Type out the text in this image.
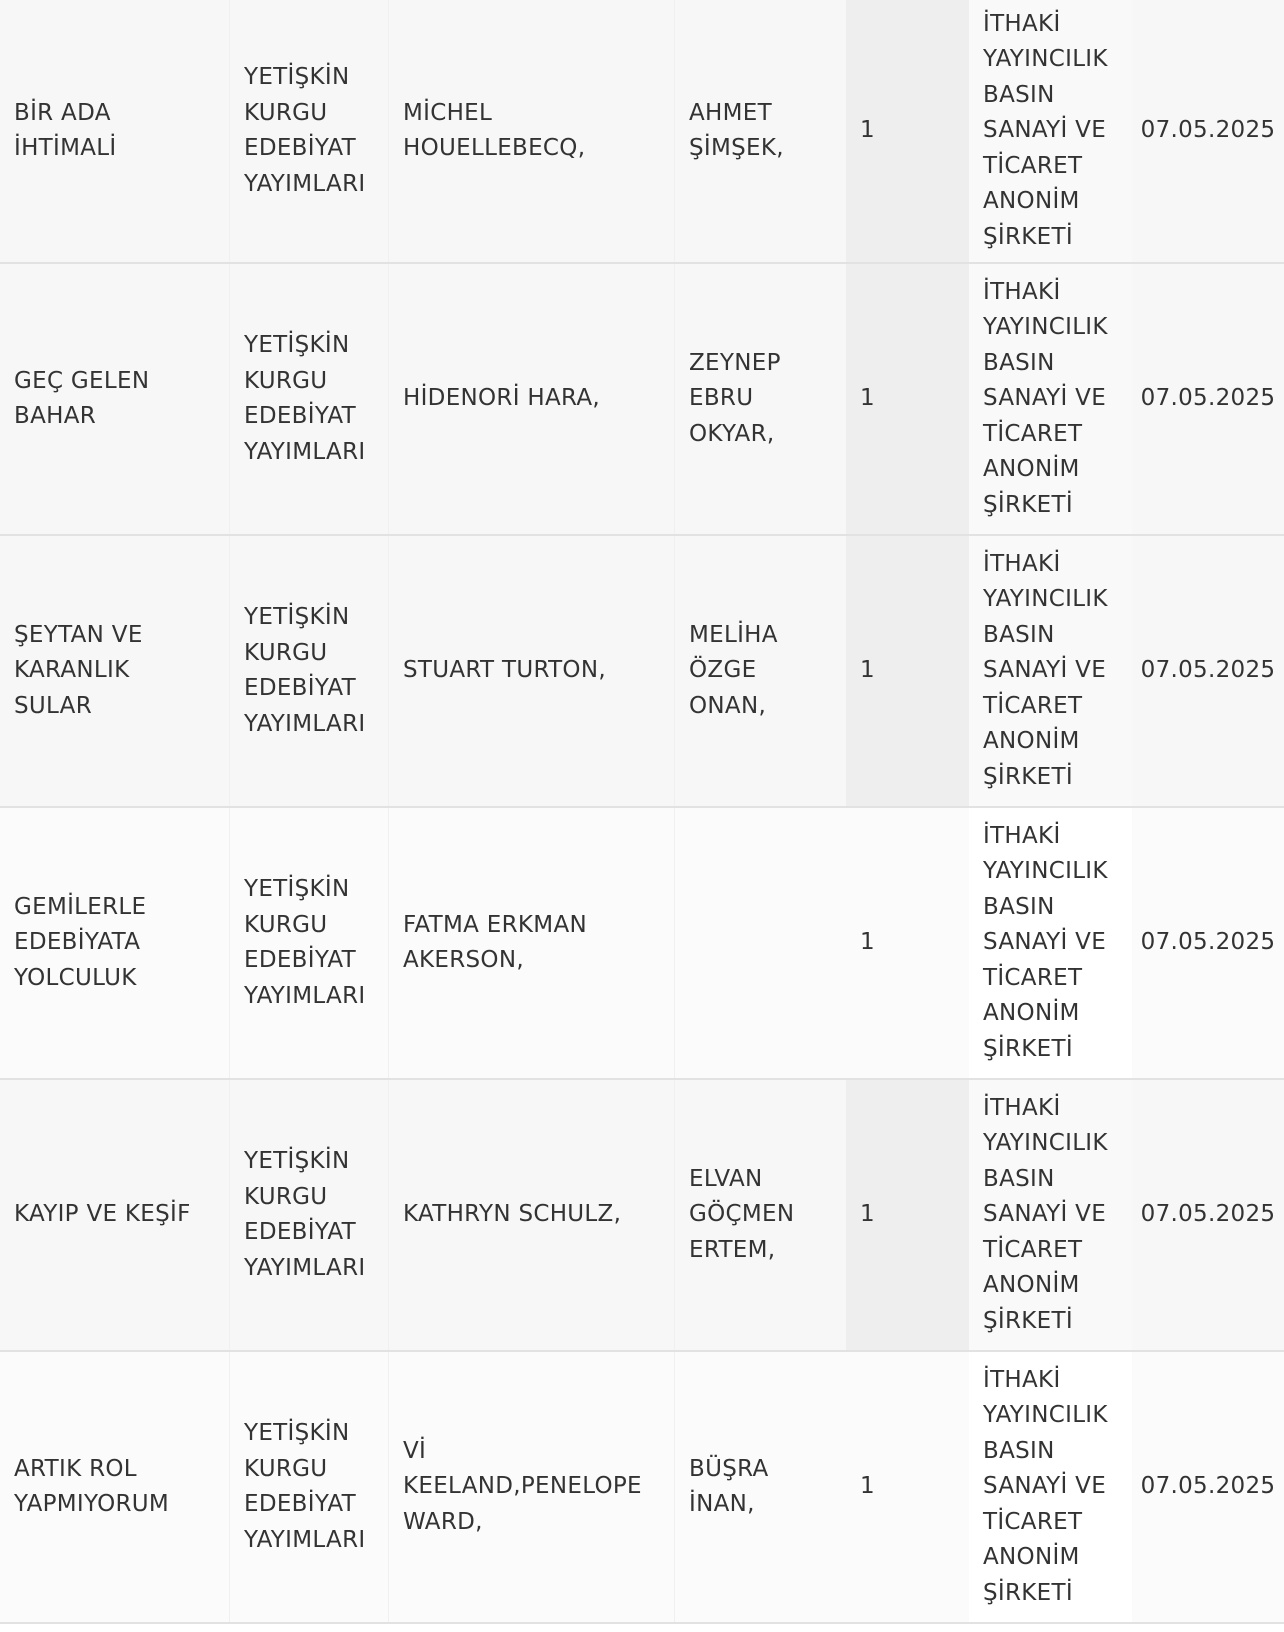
BİR ADA
İHTİMALİ
YETİŞKİN
KURGU
EDEBİYAT
YAYIMLARI
MİCHEL
HOUELLEBECQ,
AHMET
ŞİMŞEK,
1
İTHAKİ
YAYINCILIK
BASIN
SANAYİ VE
TİCARET
ANONİM
ŞİRKETİ
07.05.2025
GEÇ GELEN
BAHAR
YETİŞKİN
KURGU
EDEBİYAT
YAYIMLARI
HİDENORİ HARA,
ZEYNEP
EBRU
OKYAR,
1
İTHAKİ
YAYINCILIK
BASIN
SANAYİ VE
TİCARET
ANONİM
ŞİRKETİ
07.05.2025
ŞEYTAN VE
KARANLIK
SULAR
YETİŞKİN
KURGU
EDEBİYAT
YAYIMLARI
STUART TURTON,
MELİHA
ÖZGE
ONAN,
1
İTHAKİ
YAYINCILIK
BASIN
SANAYİ VE
TİCARET
ANONİM
ŞİRKETİ
07.05.2025
GEMİLERLE
EDEBİYATA
YOLCULUK
YETİŞKİN
KURGU
EDEBİYAT
YAYIMLARI
FATMA ERKMAN
AKERSON,
1
İTHAKİ
YAYINCILIK
BASIN
SANAYİ VE
TİCARET
ANONİM
ŞİRKETİ
07.05.2025
KAYIP VE KEŞİF
YETİŞKİN
KURGU
EDEBİYAT
YAYIMLARI
KATHRYN SCHULZ,
ELVAN
GÖÇMEN
ERTEM,
1
İTHAKİ
YAYINCILIK
BASIN
SANAYİ VE
TİCARET
ANONİM
ŞİRKETİ
07.05.2025
ARTIK ROL
YAPMIYORUM
YETİŞKİN
KURGU
EDEBİYAT
YAYIMLARI
Vİ
KEELAND,PENELOPE
WARD,
BÜŞRA
İNAN,
1
İTHAKİ
YAYINCILIK
BASIN
SANAYİ VE
TİCARET
ANONİM
ŞİRKETİ
07.05.2025
